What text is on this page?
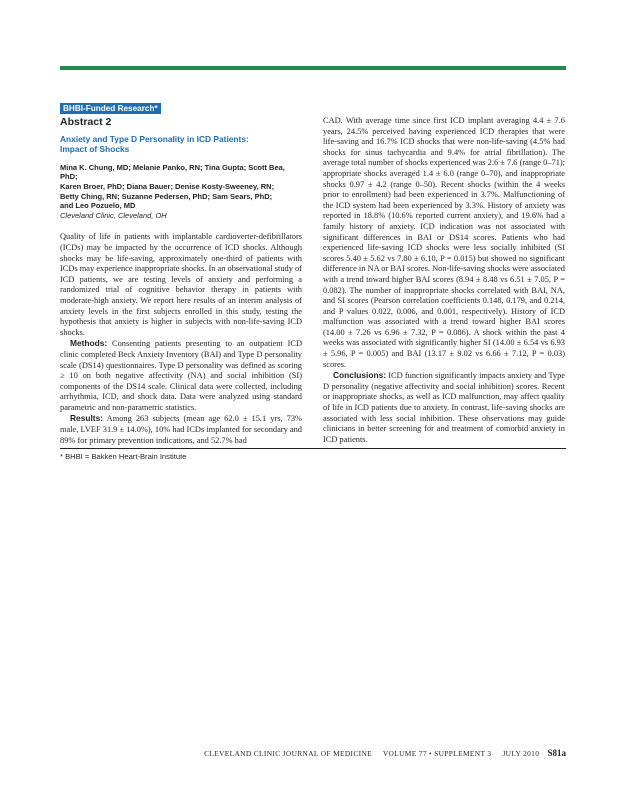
BHBI-Funded Research*
Abstract 2
Anxiety and Type D Personality in ICD Patients:
Impact of Shocks
Mina K. Chung, MD; Melanie Panko, RN; Tina Gupta; Scott Bea, PhD;
Karen Broer, PhD; Diana Bauer; Denise Kosty-Sweeney, RN;
Betty Ching, RN; Suzanne Pedersen, PhD; Sam Sears, PhD;
and Leo Pozuelo, MD
Cleveland Clinic, Cleveland, OH

Quality of life in patients with implantable cardioverter-defibrillators (ICDs) may be impacted by the occurrence of ICD shocks. Although shocks may be life-saving, approximately one-third of patients with ICDs may experience inappropriate shocks. In an observational study of ICD patients, we are testing levels of anxiety and performing a randomized trial of cognitive behavior therapy in patients with moderate-high anxiety. We report here results of an interim analysis of anxiety levels in the first subjects enrolled in this study, testing the hypothesis that anxiety is higher in subjects with non-life-saving ICD shocks.

Methods: Consenting patients presenting to an outpatient ICD clinic completed Beck Anxiety Inventory (BAI) and Type D personality scale (DS14) questionnaires. Type D personality was defined as scoring ≥ 10 on both negative affectivity (NA) and social inhibition (SI) components of the DS14 scale. Clinical data were collected, including arrhythmia, ICD, and shock data. Data were analyzed using standard parametric and non-parametric statistics.

Results: Among 263 subjects (mean age 62.0 ± 15.1 yrs, 73% male, LVEF 31.9 ± 14.0%), 10% had ICDs implanted for secondary and 89% for primary prevention indications, and 52.7% had

CAD. With average time since first ICD implant averaging 4.4 ± 7.6 years, 24.5% perceived having experienced ICD therapies that were life-saving and 16.7% ICD shocks that were non-life-saving (4.5% had shocks for sinus tachycardia and 9.4% for atrial fibrillation). The average total number of shocks experienced was 2.6 ± 7.6 (range 0–71); appropriate shocks averaged 1.4 ± 6.0 (range 0–70), and inappropriate shocks 0.97 ± 4.2 (range 0–50). Recent shocks (within the 4 weeks prior to enrollment) had been experienced in 3.7%. Malfunctioning of the ICD system had been experienced by 3.3%. History of anxiety was reported in 18.8% (10.6% reported current anxiety), and 19.6% had a family history of anxiety. ICD indication was not associated with significant differences in BAI or DS14 scores. Patients who had experienced life-saving ICD shocks were less socially inhibited (SI scores 5.40 ± 5.62 vs 7.80 ± 6.10, P = 0.015) but showed no significant difference in NA or BAI scores. Non-life-saving shocks were associated with a trend toward higher BAI scores (8.94 ± 8.48 vs 6.51 ± 7.05, P = 0.082). The number of inappropriate shocks correlated with BAI, NA, and SI scores (Pearson correlation coefficients 0.148, 0.179, and 0.214, and P values 0.022, 0.006, and 0.001, respectively). History of ICD malfunction was associated with a trend toward higher BAI scores (14.00 ± 7.26 vs 6.96 ± 7.32, P = 0.086). A shock within the past 4 weeks was associated with significantly higher SI (14.00 ± 6.54 vs 6.93 ± 5.96, P = 0.005) and BAI (13.17 ± 9.02 vs 6.66 ± 7.12, P = 0.03) scores.

Conclusions: ICD function significantly impacts anxiety and Type D personality (negative affectivity and social inhibition) scores. Recent or inappropriate shocks, as well as ICD malfunction, may affect quality of life in ICD patients due to anxiety. In contrast, life-saving shocks are associated with less social inhibition. These observations may guide clinicians in better screening for and treatment of comorbid anxiety in ICD patients.

* BHBI = Bakken Heart-Brain Institute
CLEVELAND CLINIC JOURNAL OF MEDICINE VOLUME 77 • SUPPLEMENT 3 JULY 2010 S81a
